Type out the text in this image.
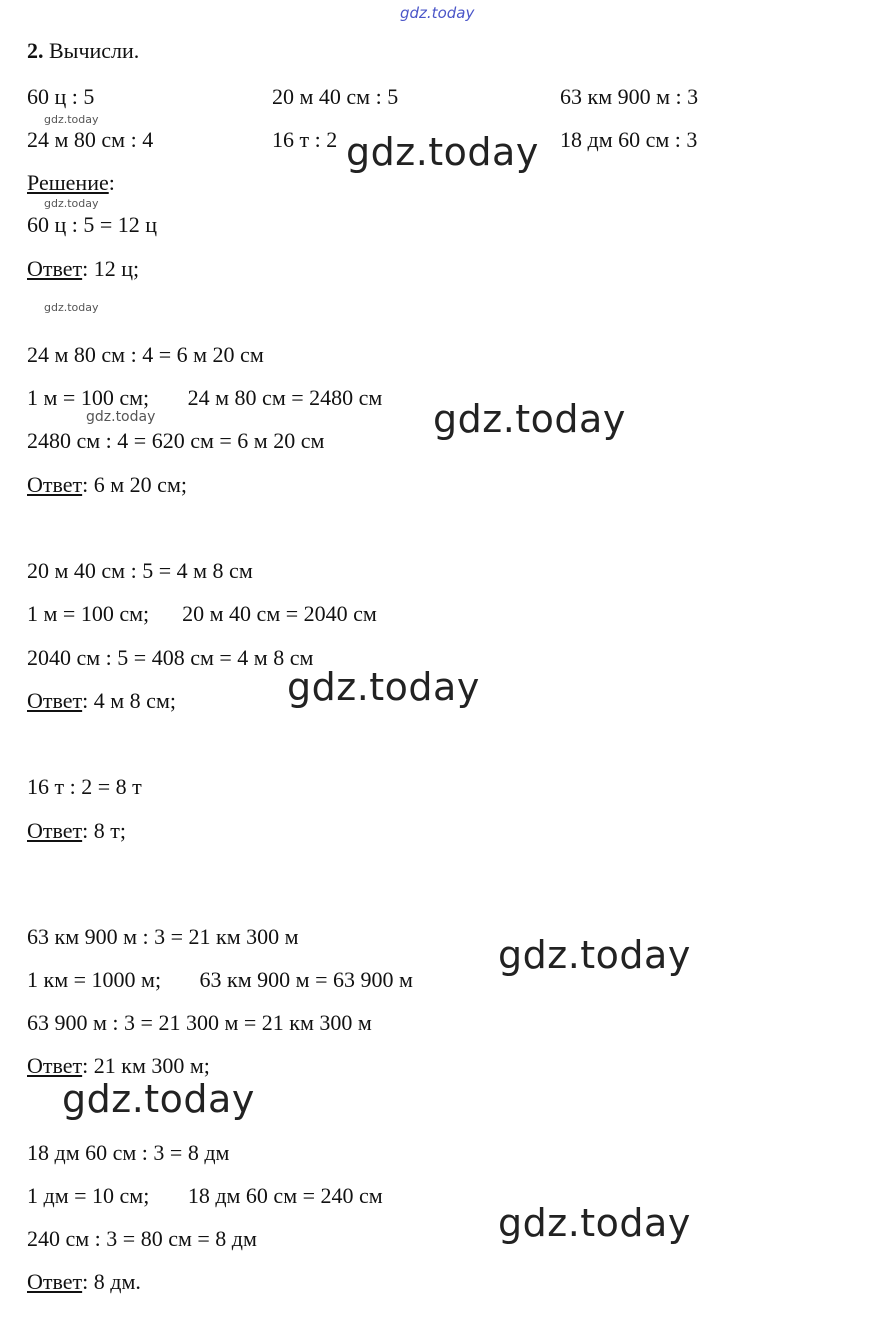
gdz.today
2. Вычисли.
60 ц : 5	20 м 40 см : 5	63 км 900 м : 3
gdz.today
24 м 80 см : 4	16 т : 2	18 дм 60 см : 3
gdz.today
Решение:
gdz.today
60 ц : 5 = 12 ц
Ответ: 12 ц;
gdz.today
24 м 80 см : 4 = 6 м 20 см
1 м = 100 см;       24 м 80 см = 2480 см
gdz.today	gdz.today
2480 см : 4 = 620 см = 6 м 20 см
Ответ: 6 м 20 см;
20 м 40 см : 5 = 4 м 8 см
1 м = 100 см;      20 м 40 см = 2040 см
2040 см : 5 = 408 см = 4 м 8 см
gdz.today
Ответ: 4 м 8 см;
16 т : 2 = 8 т
Ответ: 8 т;
63 км 900 м : 3 = 21 км 300 м	gdz.today
1 км = 1000 м;       63 км 900 м = 63 900 м
63 900 м : 3 = 21 300 м = 21 км 300 м
Ответ: 21 км 300 м;
gdz.today
18 дм 60 см : 3 = 8 дм
1 дм = 10 см;       18 дм 60 см = 240 см
gdz.today
240 см : 3 = 80 см = 8 дм
Ответ: 8 дм.
